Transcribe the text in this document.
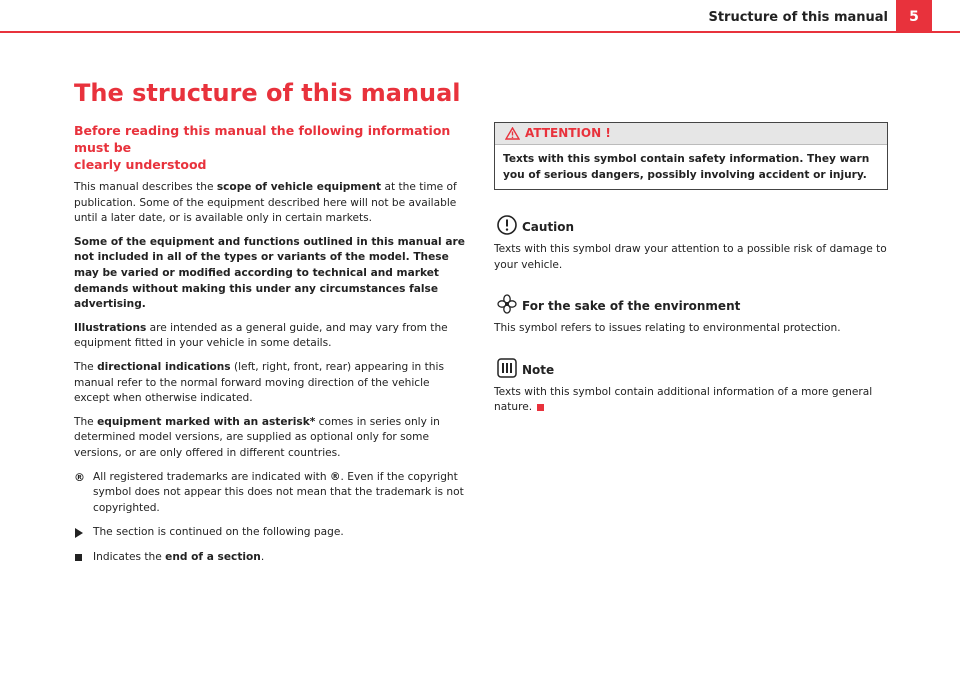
Structure of this manual	5
The structure of this manual
Before reading this manual the following information must be
clearly understood

This manual describes the scope of vehicle equipment at the time of publication. Some of the equipment described here will not be available until a later date, or is available only in certain markets.

Some of the equipment and functions outlined in this manual are not included in all of the types or variants of the model. These may be varied or modified according to technical and market demands without making this under any circumstances false advertising.

Illustrations are intended as a general guide, and may vary from the equipment fitted in your vehicle in some details.

The directional indications (left, right, front, rear) appearing in this manual refer to the normal forward moving direction of the vehicle except when otherwise indicated.

The equipment marked with an asterisk* comes in series only in determined model versions, are supplied as optional only for some versions, or are only offered in different countries.

® All registered trademarks are indicated with ®. Even if the copyright symbol does not appear this does not mean that the trademark is not copyrighted.
The section is continued on the following page.
Indicates the end of a section.
ATTENTION !
Texts with this symbol contain safety information. They warn you of serious dangers, possibly involving accident or injury.
Caution

Texts with this symbol draw your attention to a possible risk of damage to your vehicle.

For the sake of the environment

This symbol refers to issues relating to environmental protection.

Note

Texts with this symbol contain additional information of a more general nature.
